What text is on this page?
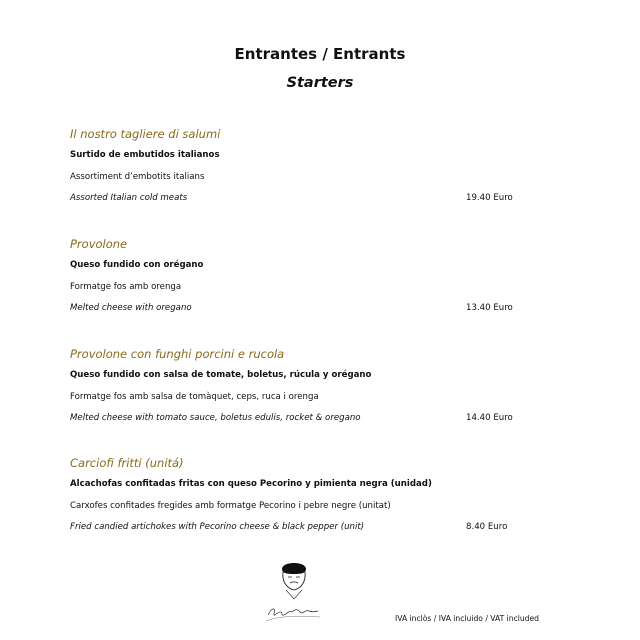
Entrantes / Entrants
Starters
Il nostro tagliere di salumi
Surtido de embutidos italianos
Assortiment d’embotits italians
Assorted Italian cold meats	19.40 Euro
Provolone
Queso fundido con orégano
Formatge fos amb orenga
Melted cheese with oregano	13.40 Euro
Provolone con funghi porcini e rucola
Queso fundido con salsa de tomate, boletus, rúcula y orégano
Formatge fos amb salsa de tomàquet, ceps, ruca i orenga
Melted cheese with tomato sauce, boletus edulis, rocket & oregano	14.40 Euro
Carciofi fritti (unitá)
Alcachofas confitadas fritas con queso Pecorino y pimienta negra (unidad)
Carxofes confitades fregides amb formatge Pecorino i pebre negre (unitat)
Fried candied artichokes with Pecorino cheese & black pepper (unit)	8.40 Euro
IVA inclòs / IVA incluido / VAT included
